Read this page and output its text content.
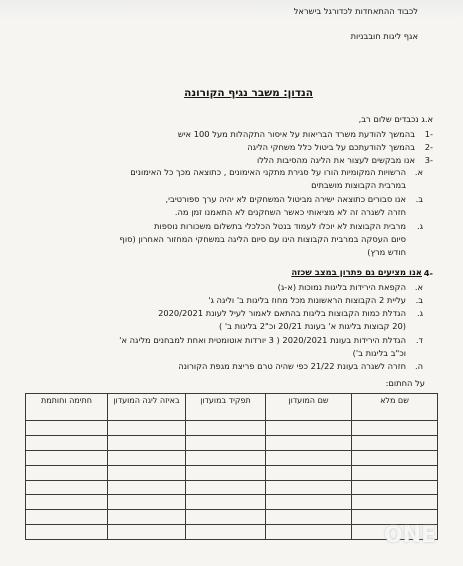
לכבוד ההתאחדות לכדורגל בישראל
אגף ליגות חובבניות
הנדון: משבר נגיף הקורונה
א.ג נכבדים שלום רב,
-1
בהמשך להודעת משרד הבריאות על איסור התקהלות מעל 100 איש
-2
בהמשך להודעתכם על ביטול כלל משחקי הליגה
-3
אנו מבקשים לעצור את הליגה מהסיבות הללו
א.
הרשויות המקומיות הורו על סגירת מתקני האימונים , כתוצאה מכך כל האימונים
במרבית הקבוצות מושבתים
ב.
אנו סבורים כתוצאה ישירה מביטול המשחקים לא יהיה ערך ספורטיבי,
חזרה לשגרה זה לא מציאותי כאשר השחקנים לא התאמנו זמן מה.
ג.
מרבית הקבוצות לא יוכלו לעמוד בנטל הכלכלי בתשלום משכורות נוספות
סיום העסקה במרבית הקבוצות הינו עם סיום הליגה במשחקי המחזור האחרון (סוף
חודש מרץ)
-4
אנו מציעים גם פתרון במצב שכזה
א.
הקפאת הירידות בליגות נמוכות (א-ג)
ב.
עליית 2 הקבוצות הראשונות מכל מחוז בליגות ב' וליגה ג'
ג.
הגדלת כמות הקבוצות בליגות בהתאם לאמור לעיל לעונת 2020/2021
(20 קבוצות בליגות א' בעונת 20/21 וכ"2 בליגות ב' )
ד.
הגדלת הירידות בעונת 2020/2021 ( 3 יורדות אוטומטית ואחת למבחנים מליגה א'
וכ"ב בליגות ב')
ה.
חזרה לשגרה בעונת 21/22 כפי שהיה טרם פריצת מגפת הקורונה
על החתום:
שם מלא	שם המועדון	תפקיד במועדון	באיזה ליגה המועדון	חתימה וחותמת

ONE
